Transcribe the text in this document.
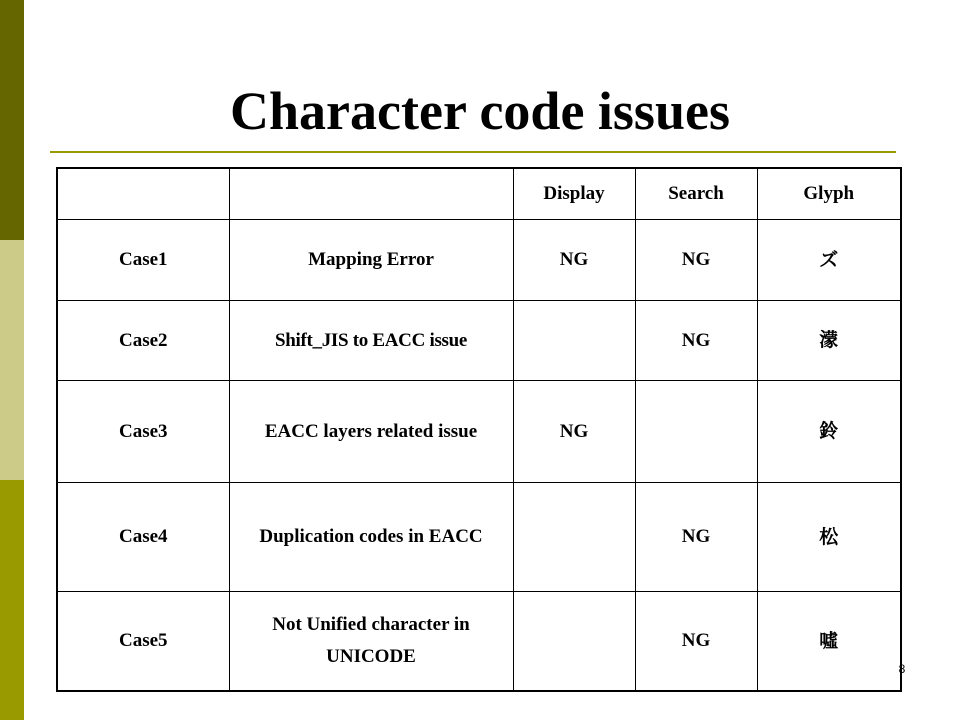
Character code issues
		Display	Search	Glyph
Case1	Mapping Error	NG	NG	ズ
Case2	Shift_JIS to EACC issue		NG	濛
Case3	EACC layers related issue	NG		鈴
Case4	Duplication codes in EACC		NG	松
Case5	Not Unified character in UNICODE		NG	噓
8
